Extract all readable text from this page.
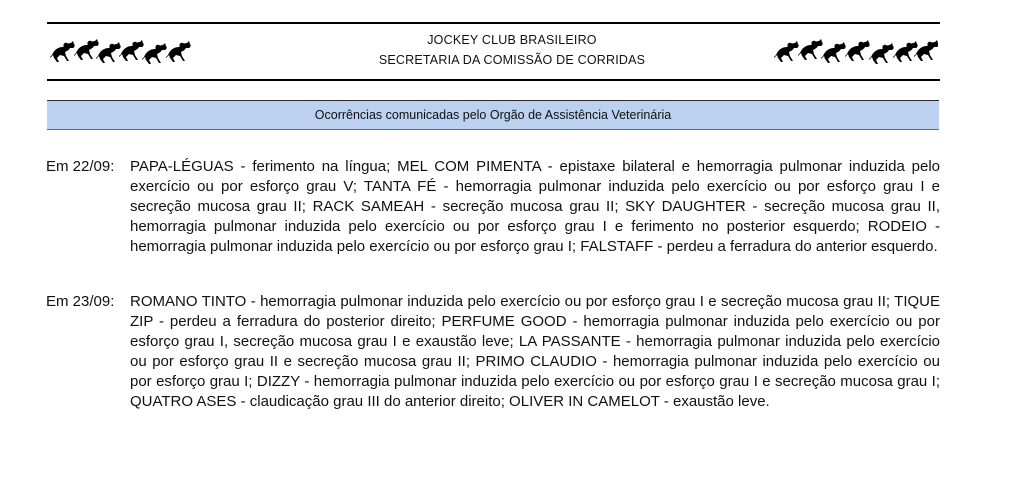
JOCKEY CLUB BRASILEIRO
SECRETARIA DA COMISSÃO DE CORRIDAS
Ocorrências comunicadas pelo Orgão de Assistência Veterinária
Em 22/09: PAPA-LÉGUAS - ferimento na língua; MEL COM PIMENTA - epistaxe bilateral e hemorragia pulmonar induzida pelo exercício ou por esforço grau V; TANTA FÉ - hemorragia pulmonar induzida pelo exercício ou por esforço grau I e secreção mucosa grau II; RACK SAMEAH - secreção mucosa grau II; SKY DAUGHTER - secreção mucosa grau II, hemorragia pulmonar induzida pelo exercício ou por esforço grau I e ferimento no posterior esquerdo; RODEIO - hemorragia pulmonar induzida pelo exercício ou por esforço grau I; FALSTAFF - perdeu a ferradura do anterior esquerdo.
Em 23/09: ROMANO TINTO - hemorragia pulmonar induzida pelo exercício ou por esforço grau I e secreção mucosa grau II; TIQUE ZIP - perdeu a ferradura do posterior direito; PERFUME GOOD - hemorragia pulmonar induzida pelo exercício ou por esforço grau I, secreção mucosa grau I e exaustão leve; LA PASSANTE - hemorragia pulmonar induzida pelo exercício ou por esforço grau II e secreção mucosa grau II; PRIMO CLAUDIO - hemorragia pulmonar induzida pelo exercício ou por esforço grau I; DIZZY - hemorragia pulmonar induzida pelo exercício ou por esforço grau I e secreção mucosa grau I; QUATRO ASES - claudicação grau III do anterior direito; OLIVER IN CAMELOT - exaustão leve.
